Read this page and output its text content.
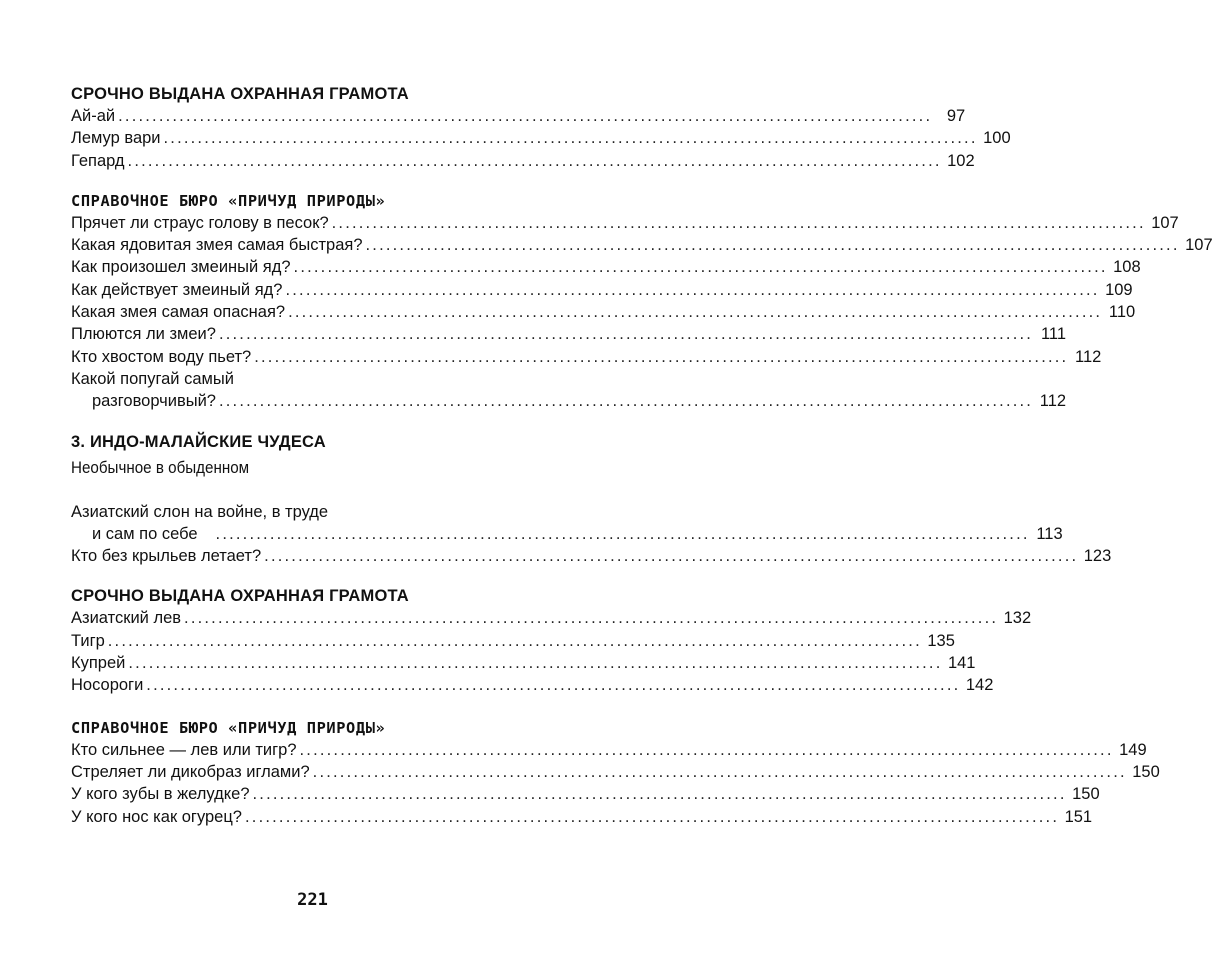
СРОЧНО ВЫДАНА ОХРАННАЯ ГРАМОТА
Ай-ай ........................................................................................................................ 97
Лемур вари ........................................................................................................................ 100
Гепард ........................................................................................................................ 102
СПРАВОЧНОЕ БЮРО «ПРИЧУД ПРИРОДЫ»
Прячет ли страус голову в песок? ........................................................................................................................ 107
Какая ядовитая змея самая быстрая? ........................................................................................................................ 107
Как произошел змеиный яд? ........................................................................................................................ 108
Как действует змеиный яд? ........................................................................................................................ 109
Какая змея самая опасная? ........................................................................................................................ 110
Плюются ли змеи? ........................................................................................................................ 111
Кто хвостом воду пьет? ........................................................................................................................ 112
Какой попугай самый
разговорчивый? ........................................................................................................................ 112
3. ИНДО-МАЛАЙСКИЕ ЧУДЕСА
Необычное в обыденном
Азиатский слон на войне, в труде
и сам по себе	........................................................................................................................ 113
Кто без крыльев летает? ........................................................................................................................ 123
СРОЧНО ВЫДАНА ОХРАННАЯ ГРАМОТА
Азиатский лев ........................................................................................................................ 132
Тигр ........................................................................................................................ 135
Купрей ........................................................................................................................ 141
Носороги ........................................................................................................................ 142
СПРАВОЧНОЕ БЮРО «ПРИЧУД ПРИРОДЫ»
Кто сильнее — лев или тигр? ........................................................................................................................ 149
Стреляет ли дикобраз иглами? ........................................................................................................................ 150
У кого зубы в желудке? ........................................................................................................................ 150
У кого нос как огурец? ........................................................................................................................ 151
221
